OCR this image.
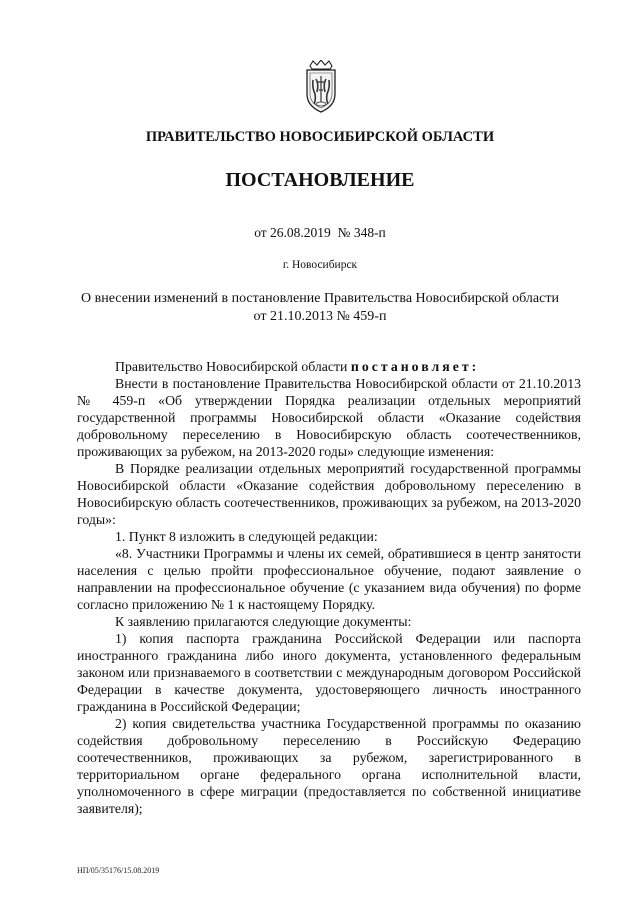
ПРАВИТЕЛЬСТВО НОВОСИБИРСКОЙ ОБЛАСТИ
ПОСТАНОВЛЕНИЕ
от 26.08.2019 № 348-п
г. Новосибирск
О внесении изменений в постановление Правительства Новосибирской области
от 21.10.2013 № 459-п

Правительство Новосибирской области постановляет:

Внести в постановление Правительства Новосибирской области от 21.10.2013 № 459-п «Об утверждении Порядка реализации отдельных мероприятий государственной программы Новосибирской области «Оказание содействия добровольному переселению в Новосибирскую область соотечественников, проживающих за рубежом, на 2013-2020 годы» следующие изменения:

В Порядке реализации отдельных мероприятий государственной программы Новосибирской области «Оказание содействия добровольному переселению в Новосибирскую область соотечественников, проживающих за рубежом, на 2013-2020 годы»:

1. Пункт 8 изложить в следующей редакции:

«8. Участники Программы и члены их семей, обратившиеся в центр занятости населения с целью пройти профессиональное обучение, подают заявление о направлении на профессиональное обучение (с указанием вида обучения) по форме согласно приложению № 1 к настоящему Порядку.

К заявлению прилагаются следующие документы:

1) копия паспорта гражданина Российской Федерации или паспорта иностранного гражданина либо иного документа, установленного федеральным законом или признаваемого в соответствии с международным договором Российской Федерации в качестве документа, удостоверяющего личность иностранного гражданина в Российской Федерации;

2) копия свидетельства участника Государственной программы по оказанию содействия добровольному переселению в Российскую Федерацию соотечественников, проживающих за рубежом, зарегистрированного в территориальном органе федерального органа исполнительной власти, уполномоченного в сфере миграции (предоставляется по собственной инициативе заявителя);

НП/05/35176/15.08.2019
